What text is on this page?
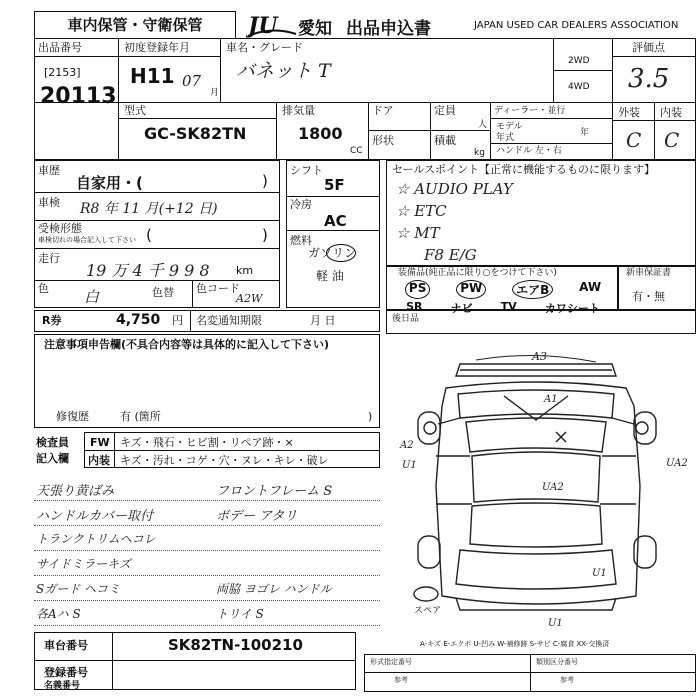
車内保管・守衛保管	JU 愛知 出品申込書	JAPAN USED CAR DEALERS ASSOCIATION
出品番号
[2153]
20113
初度登録年月
H11 07
月
車名・グレード
バネット T	2WD
4WD
評価点
3.5
外装 内装
C C
型式
GC-SK82TN
排気量
1800
CC
ドア
形状
定員
人
積載
kg
ディーラー・並行
モデル年式	年
ハンドル 左・右
車歴
自家用・(	)
車検 R8 年 11 月(+12 日)
受検形態
車検切れの場合記入して下さい (	)
走行
19 万 4 千 9 9 8 km
色 白	色替 色コード
A2W
シフト
5F
冷房
AC
燃料
ガソリン
軽 油
R券	4,750 円 名変通知期限	月 日
セールスポイント【正常に機能するものに限ります】
☆ AUDIO PLAY
☆ ETC
☆ MT
F8 E/G
装備品(純正品に限り○をつけて下さい)
PS	PW	エアB	AW
SR	ナビ	TV	カワシート
新車保証書
有・無
後日品
注意事項申告欄(不具合内容等は具体的に記入して下さい)
修復歴	有 (箇所	)
検査員
記入欄
FW キズ・飛石・ヒビ割・リペア跡・×
内装 キズ・汚れ・コゲ・穴・ヌレ・キレ・破レ
天張り黄ばみ	フロントフレーム S
ハンドルカバー取付	ボデー アタリ
トランクトリムヘコレ
サイドミラーキズ
Sガード ヘコミ	両脇 ヨゴレ ハンドル
各Aハ S	トリイ S
A3
A1
A2
U1
UA2
UA2
U1
U1
スペア
A-キズ E-エクボ U-凹み W-補修跡 S-サビ C-腐食 XX-交換済
車台番号	SK82TN-100210
登録番号
名義番号
形式指定番号	類別区分番号
参考	参考
